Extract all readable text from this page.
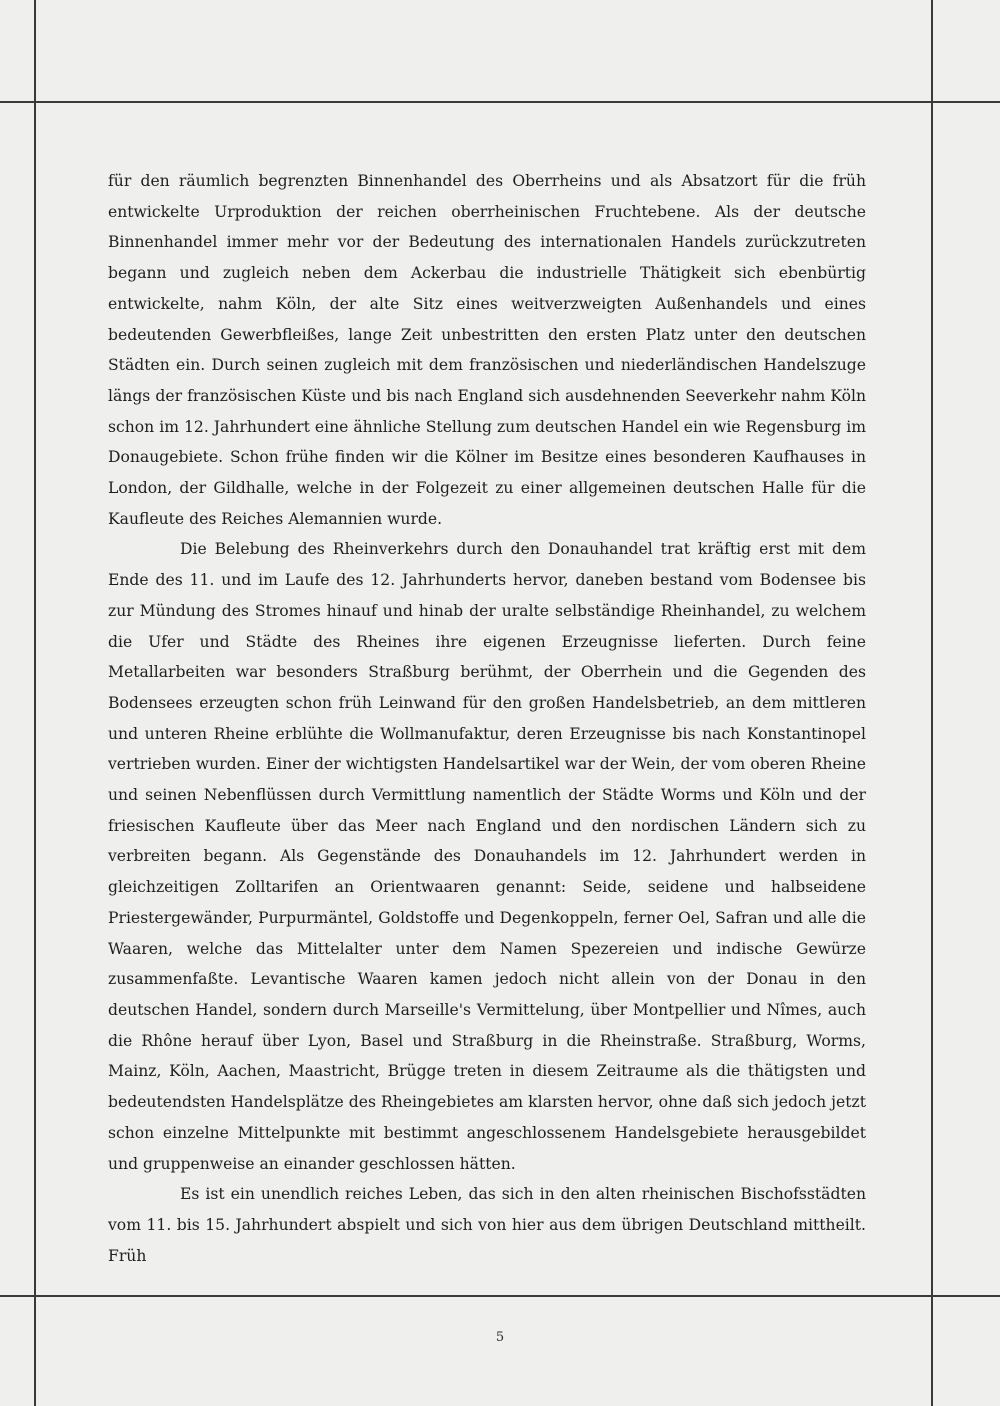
für den räumlich begrenzten Binnenhandel des Oberrheins und als Absatzort für die früh entwickelte Urproduktion der reichen oberrheinischen Fruchtebene. Als der deutsche Binnenhandel immer mehr vor der Bedeutung des internationalen Handels zurückzutreten begann und zugleich neben dem Ackerbau die industrielle Thätigkeit sich ebenbürtig entwickelte, nahm Köln, der alte Sitz eines weitverzweigten Außenhandels und eines bedeutenden Gewerbfleißes, lange Zeit unbestritten den ersten Platz unter den deutschen Städten ein. Durch seinen zugleich mit dem französischen und niederländischen Handelszuge längs der französischen Küste und bis nach England sich ausdehnenden Seeverkehr nahm Köln schon im 12. Jahrhundert eine ähnliche Stellung zum deutschen Handel ein wie Regensburg im Donaugebiete. Schon frühe finden wir die Kölner im Besitze eines besonderen Kaufhauses in London, der Gildhalle, welche in der Folgezeit zu einer allgemeinen deutschen Halle für die Kaufleute des Reiches Alemannien wurde.

Die Belebung des Rheinverkehrs durch den Donauhandel trat kräftig erst mit dem Ende des 11. und im Laufe des 12. Jahrhunderts hervor, daneben bestand vom Bodensee bis zur Mündung des Stromes hinauf und hinab der uralte selbständige Rheinhandel, zu welchem die Ufer und Städte des Rheines ihre eigenen Erzeugnisse lieferten. Durch feine Metallarbeiten war besonders Straßburg berühmt, der Oberrhein und die Gegenden des Bodensees erzeugten schon früh Leinwand für den großen Handelsbetrieb, an dem mittleren und unteren Rheine erblühte die Wollmanufaktur, deren Erzeugnisse bis nach Konstantinopel vertrieben wurden. Einer der wichtigsten Handelsartikel war der Wein, der vom oberen Rheine und seinen Nebenflüssen durch Vermittlung namentlich der Städte Worms und Köln und der friesischen Kaufleute über das Meer nach England und den nordischen Ländern sich zu verbreiten begann. Als Gegenstände des Donauhandels im 12. Jahrhundert werden in gleichzeitigen Zolltarifen an Orientwaaren genannt: Seide, seidene und halbseidene Priestergewänder, Purpurmäntel, Goldstoffe und Degenkoppeln, ferner Oel, Safran und alle die Waaren, welche das Mittelalter unter dem Namen Spezereien und indische Gewürze zusammenfaßte. Levantische Waaren kamen jedoch nicht allein von der Donau in den deutschen Handel, sondern durch Marseille's Vermittelung, über Montpellier und Nîmes, auch die Rhône herauf über Lyon, Basel und Straßburg in die Rheinstraße. Straßburg, Worms, Mainz, Köln, Aachen, Maastricht, Brügge treten in diesem Zeitraume als die thätigsten und bedeutendsten Handelsplätze des Rheingebietes am klarsten hervor, ohne daß sich jedoch jetzt schon einzelne Mittelpunkte mit bestimmt angeschlossenem Handelsgebiete herausgebildet und gruppenweise an einander geschlossen hätten.

Es ist ein unendlich reiches Leben, das sich in den alten rheinischen Bischofsstädten vom 11. bis 15. Jahrhundert abspielt und sich von hier aus dem übrigen Deutschland mittheilt. Früh

5
